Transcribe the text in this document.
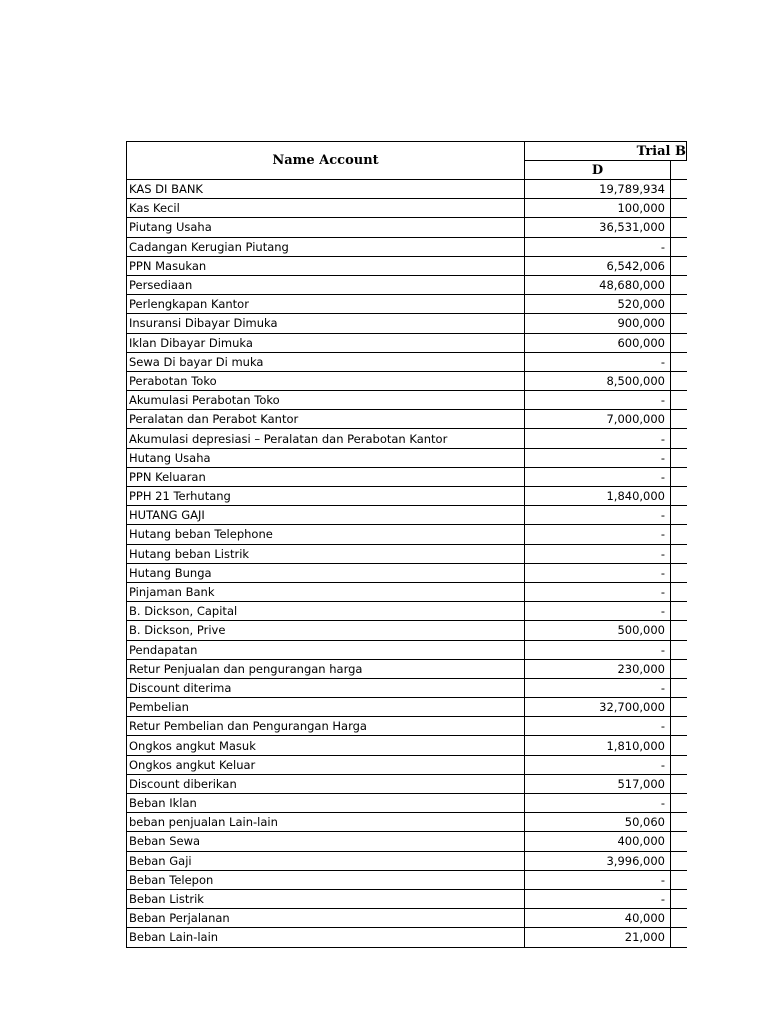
Name Account	Trial B	
	D	
KAS DI BANK	19,789,934	
Kas Kecil	100,000	
Piutang Usaha	36,531,000	
Cadangan Kerugian Piutang	-	
PPN Masukan	6,542,006	
Persediaan	48,680,000	
Perlengkapan Kantor	520,000	
Insuransi Dibayar Dimuka	900,000	
Iklan Dibayar Dimuka	600,000	
Sewa Di bayar Di muka	-	
Perabotan Toko	8,500,000	
Akumulasi Perabotan Toko	-	
Peralatan dan Perabot Kantor	7,000,000	
Akumulasi depresiasi – Peralatan dan Perabotan Kantor	-	
Hutang Usaha	-	
PPN Keluaran	-	
PPH 21 Terhutang	1,840,000	
HUTANG GAJI	-	
Hutang beban Telephone	-	
Hutang beban Listrik	-	
Hutang Bunga	-	
Pinjaman Bank	-	
B. Dickson, Capital	-	
B. Dickson, Prive	500,000	
Pendapatan	-	
Retur Penjualan dan pengurangan harga	230,000	
Discount diterima	-	
Pembelian	32,700,000	
Retur Pembelian dan Pengurangan Harga	-	
Ongkos angkut Masuk	1,810,000	
Ongkos angkut Keluar	-	
Discount diberikan	517,000	
Beban Iklan	-	
beban penjualan Lain-lain	50,060	
Beban Sewa	400,000	
Beban Gaji	3,996,000	
Beban Telepon	-	
Beban Listrik	-	
Beban Perjalanan	40,000	
Beban Lain-lain	21,000	
